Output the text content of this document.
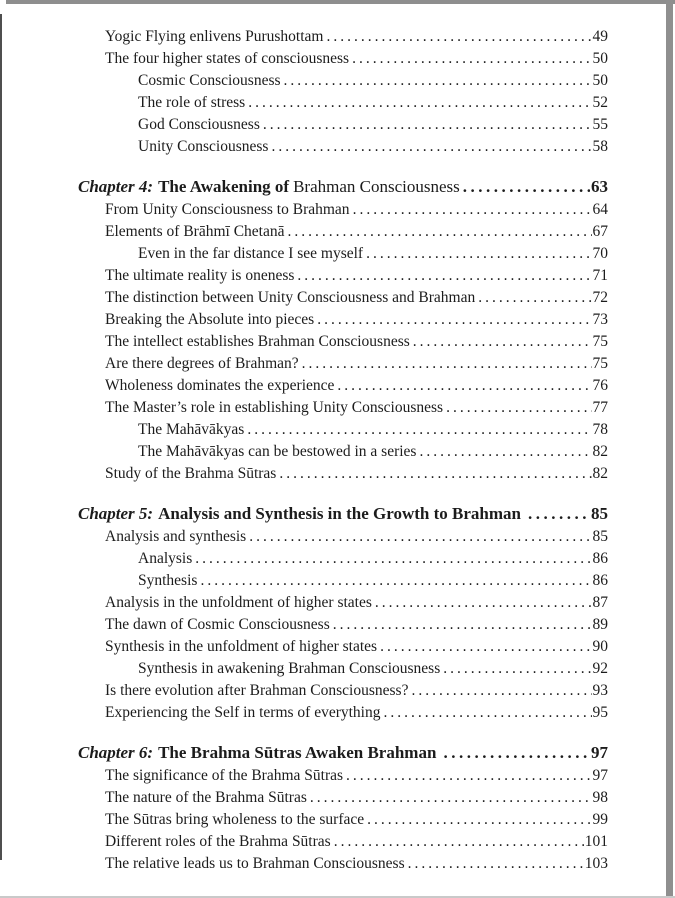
Yogic Flying enlivens Purushottam .....	49
The four higher states of consciousness .....	50
Cosmic Consciousness .....	50
The role of stress .....	52
God Consciousness .....	55
Unity Consciousness .....	58
Chapter 4: The Awakening of Brahman Consciousness .....	63
From Unity Consciousness to Brahman .....	64
Elements of Brāhmī Chetanā .....	67
Even in the far distance I see myself .....	70
The ultimate reality is oneness .....	71
The distinction between Unity Consciousness and Brahman .....	72
Breaking the Absolute into pieces .....	73
The intellect establishes Brahman Consciousness .....	75
Are there degrees of Brahman? .....	75
Wholeness dominates the experience .....	76
The Master’s role in establishing Unity Consciousness .....	77
The Mahāvākyas .....	78
The Mahāvākyas can be bestowed in a series .....	82
Study of the Brahma Sūtras .....	82
Chapter 5: Analysis and Synthesis in the Growth to Brahman .....	85
Analysis and synthesis .....	85
Analysis .....	86
Synthesis .....	86
Analysis in the unfoldment of higher states .....	87
The dawn of Cosmic Consciousness .....	89
Synthesis in the unfoldment of higher states .....	90
Synthesis in awakening Brahman Consciousness .....	92
Is there evolution after Brahman Consciousness? .....	93
Experiencing the Self in terms of everything .....	95
Chapter 6: The Brahma Sūtras Awaken Brahman .....	97
The significance of the Brahma Sūtras .....	97
The nature of the Brahma Sūtras .....	98
The Sūtras bring wholeness to the surface .....	99
Different roles of the Brahma Sūtras .....	101
The relative leads us to Brahman Consciousness .....	103
